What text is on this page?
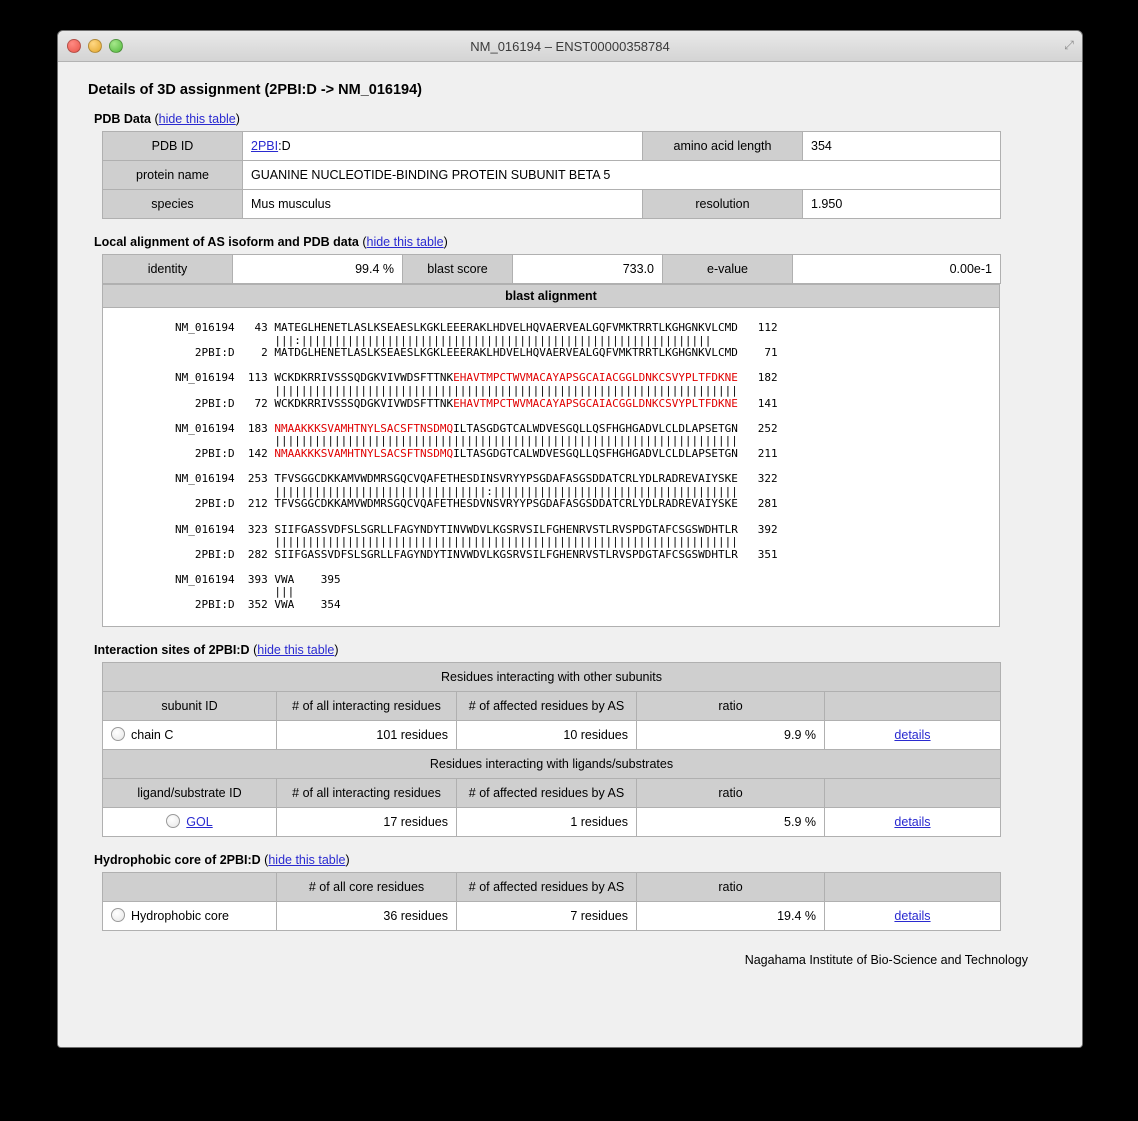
NM_016194 – ENST00000358784	⤢
Details of 3D assignment (2PBI:D -> NM_016194)
PDB Data (hide this table)
PDB ID	2PBI:D	amino acid length	354
protein name	GUANINE NUCLEOTIDE-BINDING PROTEIN SUBUNIT BETA 5		
species	Mus musculus	resolution	1.950
Local alignment of AS isoform and PDB data (hide this table)
identity	99.4 %	blast score	733.0	e-value	0.00e-1
blast alignment
NM_016194   43 MATEGLHENETLASLKSEAESLKGKLEEERAKLHDVELHQVAERVEALGQFVMKTRRTLKGHGNKVLCMD   112
|||:||||||||||||||||||||||||||||||||||||||||||||||||||||||||||||||
2PBI:D    2 MATDGLHENETLASLKSEAESLKGKLEEERAKLHDVELHQVAERVEALGQFVMKTRRTLKGHGNKVLCMD    71

NM_016194  113 WCKDKRRIVSSSQDGKVIVWDSFTTNKEHAVTMPCTWVMACAYAPSGCAIACGGLDNKCSVYPLTFDKNE   182
||||||||||||||||||||||||||||||||||||||||||||||||||||||||||||||||||||||
2PBI:D   72 WCKDKRRIVSSSQDGKVIVWDSFTTNKEHAVTMPCTWVMACAYAPSGCAIACGGLDNKCSVYPLTFDKNE   141

NM_016194  183 NMAAKKKSVAMHTNYLSACSFTNSDMQILTASGDGTCALWDVESGQLLQSFHGHGADVLCLDLAPSETGN   252
||||||||||||||||||||||||||||||||||||||||||||||||||||||||||||||||||||||
2PBI:D  142 NMAAKKKSVAMHTNYLSACSFTNSDMQILTASGDGTCALWDVESGQLLQSFHGHGADVLCLDLAPSETGN   211

NM_016194  253 TFVSGGCDKKAMVWDMRSGQCVQAFETHESDINSVRYYPSGDAFASGSDDATCRLYDLRADREVAIYSKE   322
||||||||||||||||||||||||||||||||:|||||||||||||||||||||||||||||||||||||
2PBI:D  212 TFVSGGCDKKAMVWDMRSGQCVQAFETHESDVNSVRYYPSGDAFASGSDDATCRLYDLRADREVAIYSKE   281

NM_016194  323 SIIFGASSVDFSLSGRLLFAGYNDYTINVWDVLKGSRVSILFGHENRVSTLRVSPDGTAFCSGSWDHTLR   392
||||||||||||||||||||||||||||||||||||||||||||||||||||||||||||||||||||||
2PBI:D  282 SIIFGASSVDFSLSGRLLFAGYNDYTINVWDVLKGSRVSILFGHENRVSTLRVSPDGTAFCSGSWDHTLR   351

NM_016194  393 VWA    395
|||
2PBI:D  352 VWA    354
Interaction sites of 2PBI:D (hide this table)
Residues interacting with other subunits				
subunit ID	# of all interacting residues	# of affected residues by AS	ratio	
chain C	101 residues	10 residues	9.9 %	details
Residues interacting with ligands/substrates				
ligand/substrate ID	# of all interacting residues	# of affected residues by AS	ratio	
GOL	17 residues	1 residues	5.9 %	details
Hydrophobic core of 2PBI:D (hide this table)
	# of all core residues	# of affected residues by AS	ratio	
Hydrophobic core	36 residues	7 residues	19.4 %	details
Nagahama Institute of Bio-Science and Technology
